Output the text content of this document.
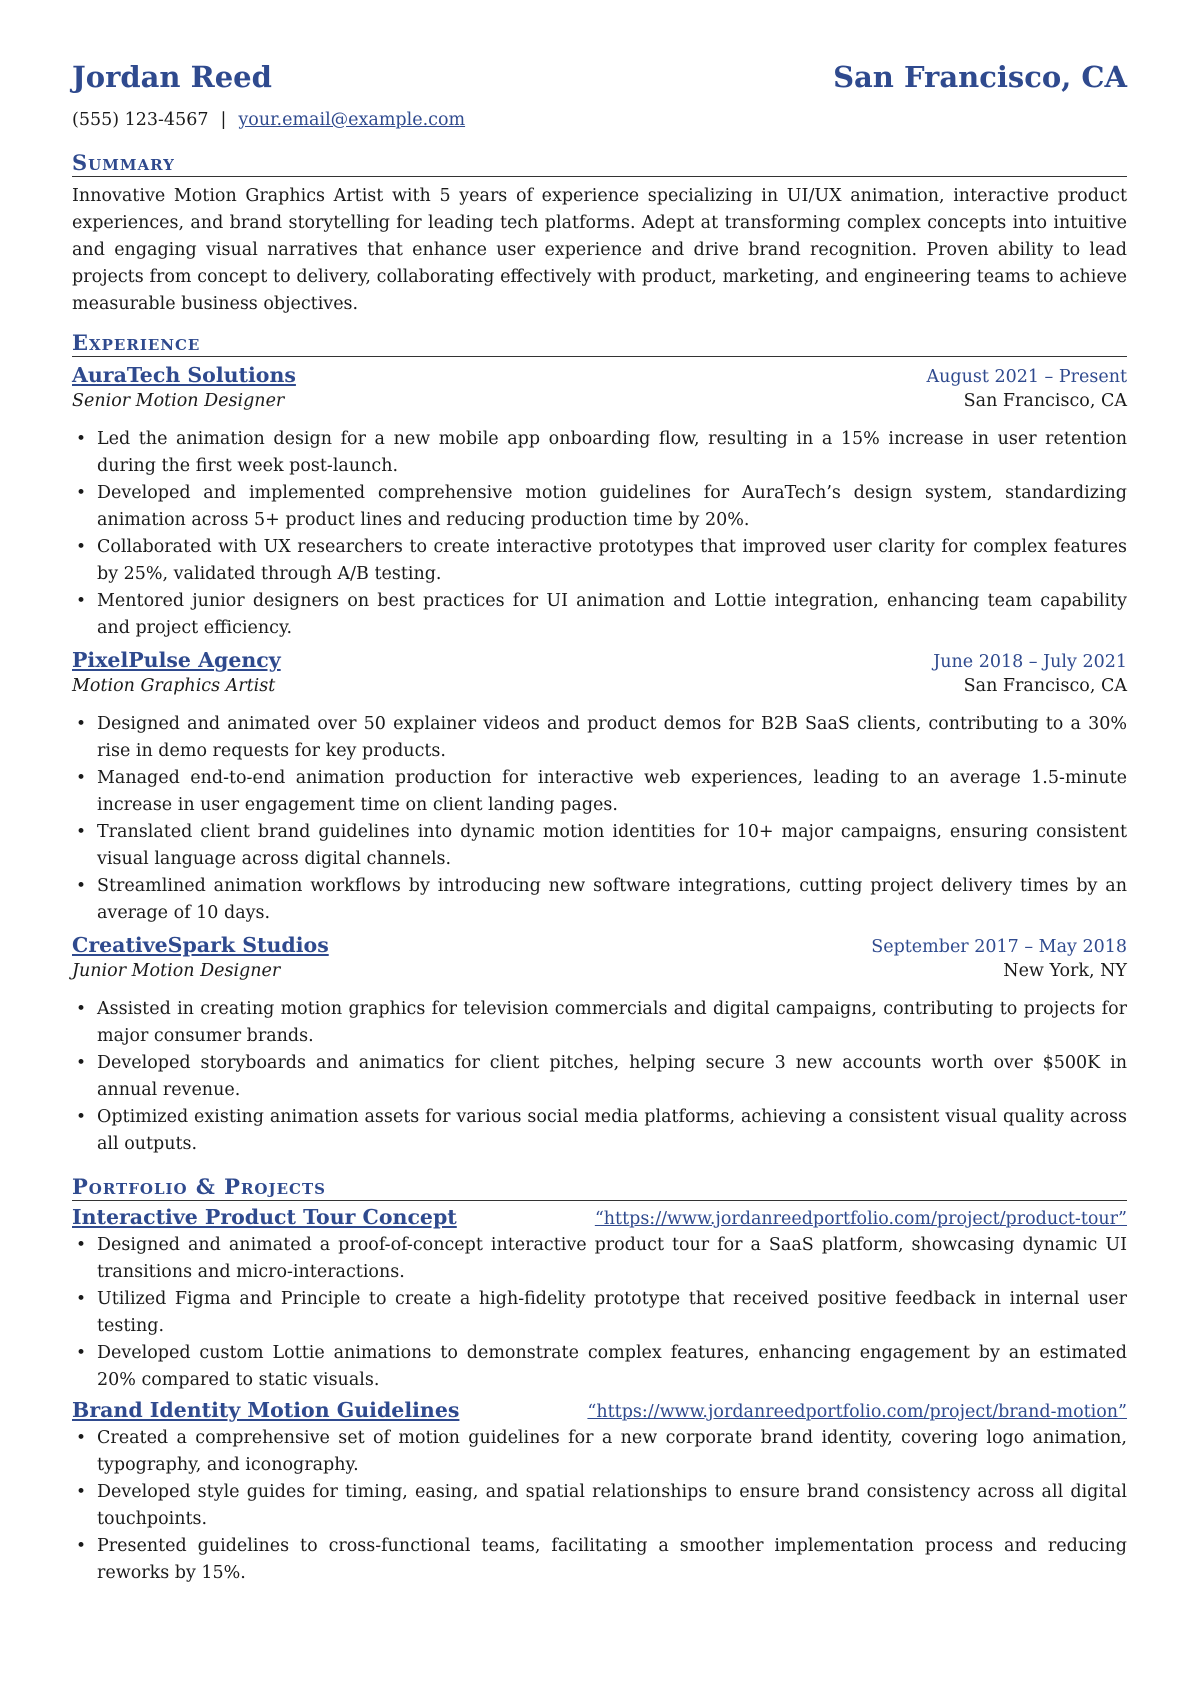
Jordan Reed	San Francisco, CA
(555) 123-4567 | your.email@example.com
Summary
Innovative Motion Graphics Artist with 5 years of experience specializing in UI/UX animation, interactive product experiences, and brand storytelling for leading tech platforms. Adept at transforming complex concepts into intuitive and engaging visual narratives that enhance user experience and drive brand recognition. Proven ability to lead projects from concept to delivery, collaborating effectively with product, marketing, and engineering teams to achieve measurable business objectives.
Experience
AuraTech Solutions	August 2021 – Present
Senior Motion Designer	San Francisco, CA
• Led the animation design for a new mobile app onboarding flow, resulting in a 15% increase in user retention during the first week post-launch.
• Developed and implemented comprehensive motion guidelines for AuraTech’s design system, standardizing animation across 5+ product lines and reducing production time by 20%.
• Collaborated with UX researchers to create interactive prototypes that improved user clarity for complex features by 25%, validated through A/B testing.
• Mentored junior designers on best practices for UI animation and Lottie integration, enhancing team capability and project efficiency.
PixelPulse Agency	June 2018 – July 2021
Motion Graphics Artist	San Francisco, CA
• Designed and animated over 50 explainer videos and product demos for B2B SaaS clients, contributing to a 30% rise in demo requests for key products.
• Managed end-to-end animation production for interactive web experiences, leading to an average 1.5-minute increase in user engagement time on client landing pages.
• Translated client brand guidelines into dynamic motion identities for 10+ major campaigns, ensuring consistent visual language across digital channels.
• Streamlined animation workflows by introducing new software integrations, cutting project delivery times by an average of 10 days.
CreativeSpark Studios	September 2017 – May 2018
Junior Motion Designer	New York, NY
• Assisted in creating motion graphics for television commercials and digital campaigns, contributing to projects for major consumer brands.
• Developed storyboards and animatics for client pitches, helping secure 3 new accounts worth over $500K in annual revenue.
• Optimized existing animation assets for various social media platforms, achieving a consistent visual quality across all outputs.
Portfolio & Projects
Interactive Product Tour Concept	“https://www.jordanreedportfolio.com/project/product-tour”
• Designed and animated a proof-of-concept interactive product tour for a SaaS platform, showcasing dynamic UI transitions and micro-interactions.
• Utilized Figma and Principle to create a high-fidelity prototype that received positive feedback in internal user testing.
• Developed custom Lottie animations to demonstrate complex features, enhancing engagement by an estimated 20% compared to static visuals.
Brand Identity Motion Guidelines	“https://www.jordanreedportfolio.com/project/brand-motion”
• Created a comprehensive set of motion guidelines for a new corporate brand identity, covering logo animation, typography, and iconography.
• Developed style guides for timing, easing, and spatial relationships to ensure brand consistency across all digital touchpoints.
• Presented guidelines to cross-functional teams, facilitating a smoother implementation process and reducing reworks by 15%.
